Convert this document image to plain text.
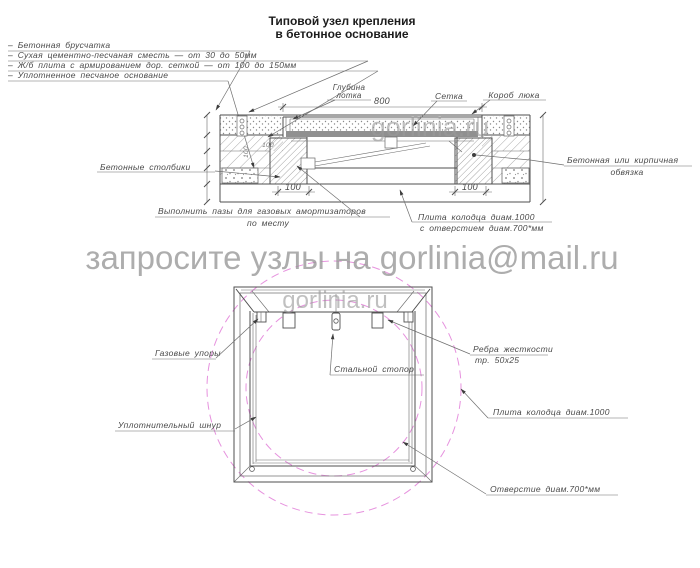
Типовой узел крепления
в бетонное основание
– Бетонная брусчатка
– Сухая цементно-песчаная сместь — от 30 до 50мм
– Ж/б плита с армированием дор. сеткой — от 100 до 150мм
– Уплотненное песчаное основание
800
100	100
100
100
Глубина
лотка	Сетка	Короб люка
Бетонные столбики
Бетонная или кирпичная
обвязка
Выполнить пазы для газовых амортизаторов
по месту
Плита колодца диам.1000
с отверстием диам.700*мм
Газовые упоры
Стальной стопор
Ребра жесткости
тр. 50х25
Плита колодца диам.1000
Уплотнительный шнур
Отверстие диам.700*мм
gorlinia.ru
запросите узлы на gorlinia@mail.ru
gorlinia.ru
